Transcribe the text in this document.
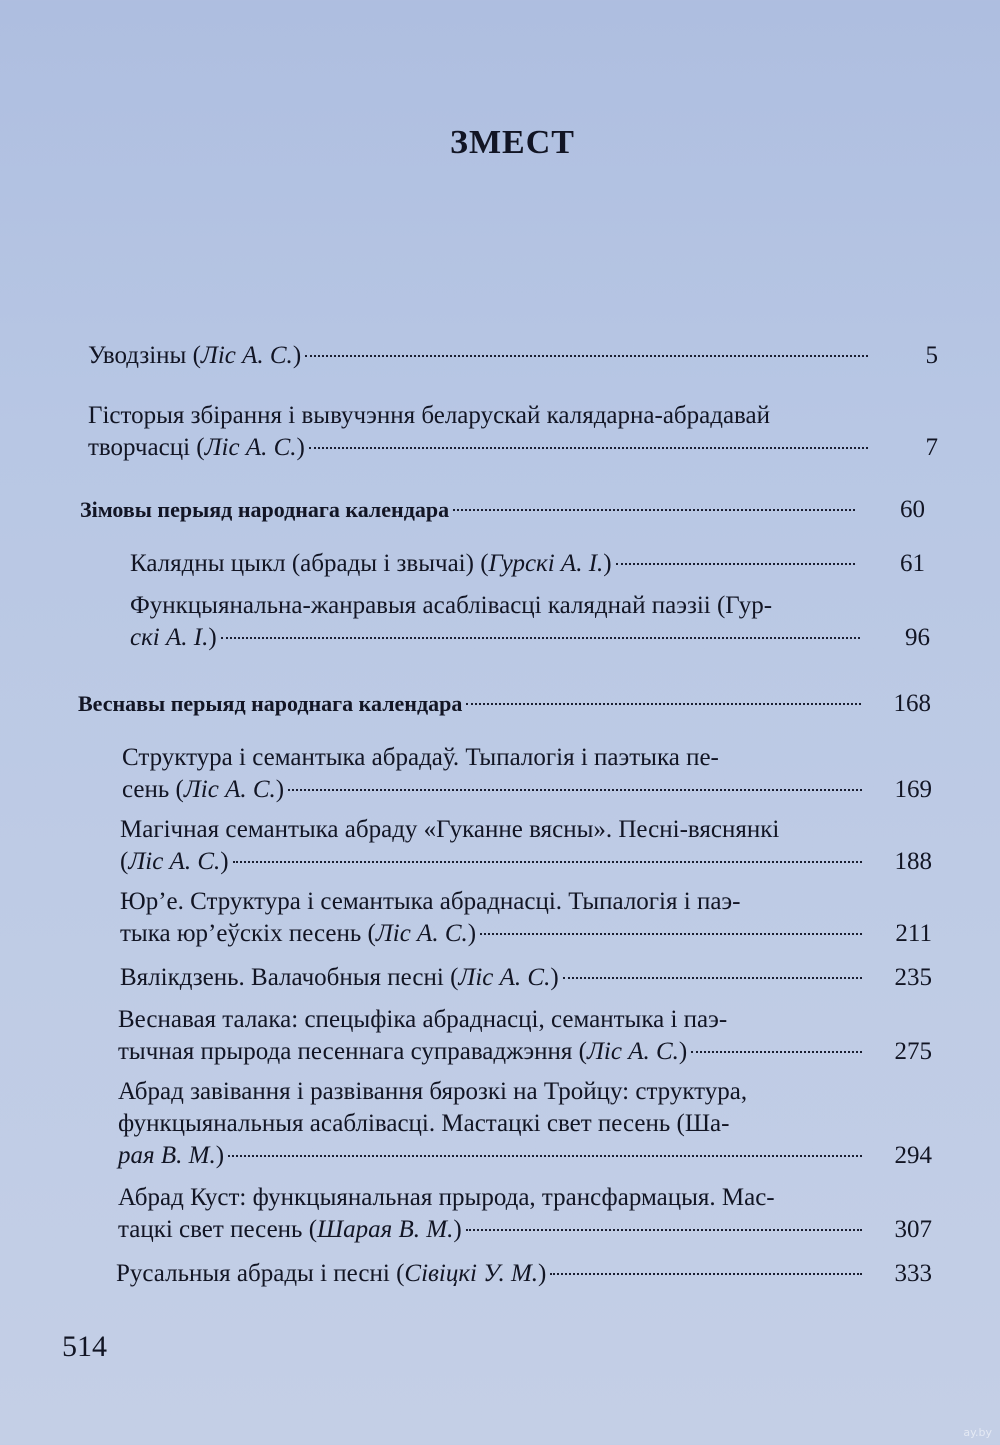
ЗМЕСТ
Уводзіны ( Ліс А. С. )	5
Гісторыя збірання і вывучэння беларускай калядарна-абрадавай
творчасці ( Ліс А. С. )	7
Зімовы перыяд народнага календара	60
Калядны цыкл (абрады і звычаі) ( Гурскі А. І. )	61
Функцыянальна-жанравыя асаблівасці каляднай паэзіі (Гур-
скі А. І. )	96
Веснавы перыяд народнага календара	168
Структура і семантыка абрадаў. Тыпалогія і паэтыка пе-
сень ( Ліс А. С. )	169
Магічная семантыка абраду «Гуканне вясны». Песні-вяснянкі
( Ліс А. С. )	188
Юр’е. Структура і семантыка абраднасці. Тыпалогія і паэ-
тыка юр’еўскіх песень ( Ліс А. С. )	211
Вялікдзень. Валачобныя песні ( Ліс А. С. )	235
Веснавая талака: спецыфіка абраднасці, семантыка і паэ-
тычная прырода песеннага суправаджэння ( Ліс А. С. )	275
Абрад завівання і развівання бярозкі на Тройцу: структура,
функцыянальныя асаблівасці. Мастацкі свет песень (Ша-
рая В. М. )	294
Абрад Куст: функцыянальная прырода, трансфармацыя. Мас-
тацкі свет песень ( Шарая В. М. )	307
Русальныя абрады і песні ( Сівіцкі У. М. )	333
514
ay.by
